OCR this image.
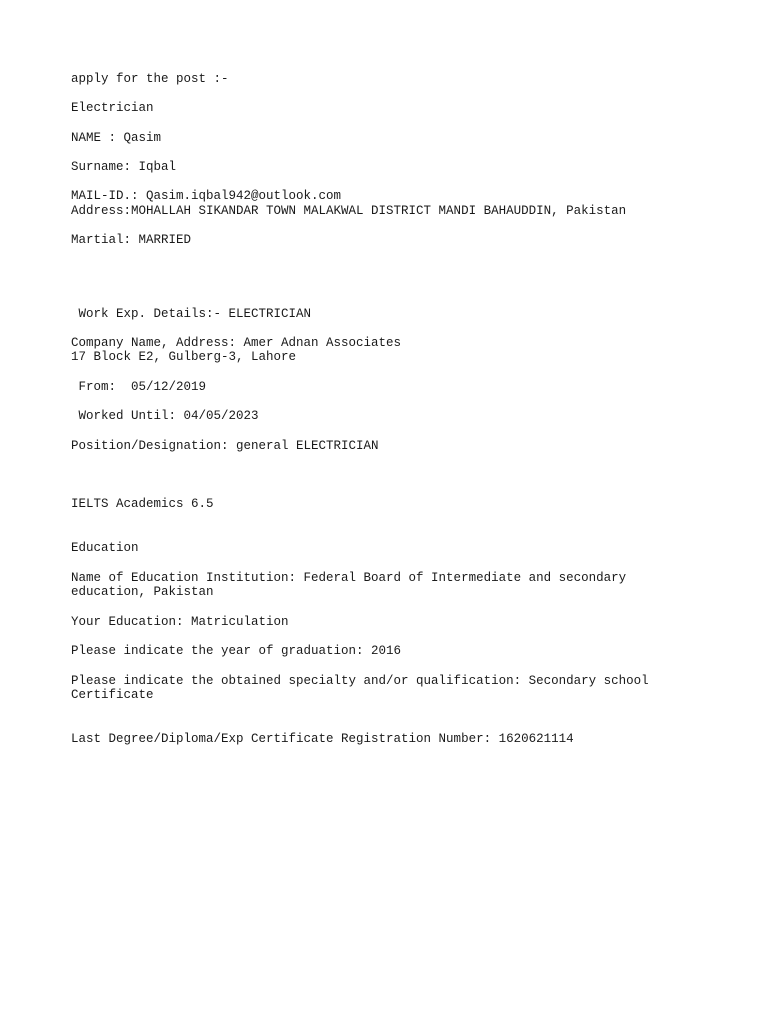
apply for the post :-

Electrician

NAME : Qasim

Surname: Iqbal

MAIL-ID.: Qasim.iqbal942@outlook.com

Address:MOHALLAH SIKANDAR TOWN MALAKWAL DISTRICT MANDI BAHAUDDIN, Pakistan

Martial: MARRIED

Work Exp. Details:- ELECTRICIAN

Company Name, Address: Amer Adnan Associates

17 Block E2, Gulberg-3, Lahore

From:  05/12/2019

Worked Until: 04/05/2023

Position/Designation: general ELECTRICIAN

IELTS Academics 6.5

Education

Name of Education Institution: Federal Board of Intermediate and secondary

education, Pakistan

Your Education: Matriculation

Please indicate the year of graduation: 2016

Please indicate the obtained specialty and/or qualification: Secondary school

Certificate

Last Degree/Diploma/Exp Certificate Registration Number: 1620621114
